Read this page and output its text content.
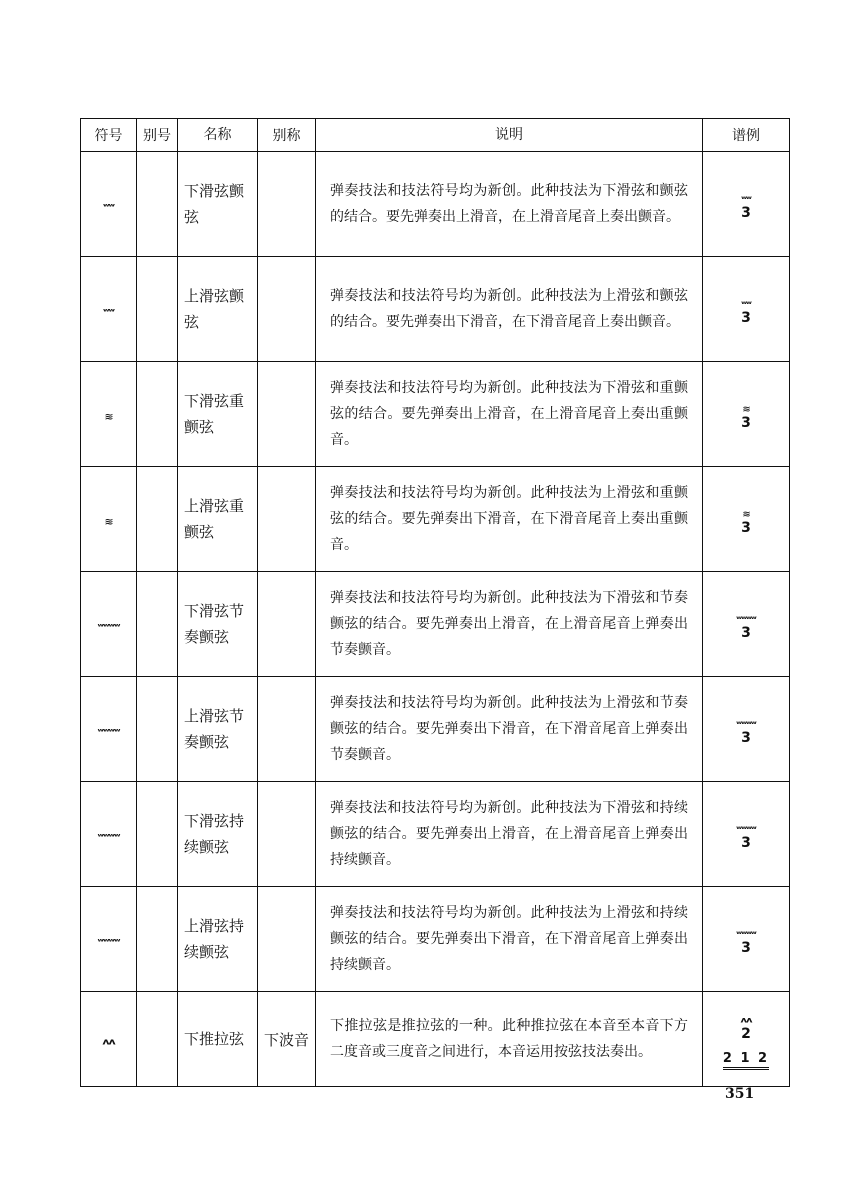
符号	别号	名称	别称	说明	谱例
ʷʷ		下滑弦颤弦		弹奏技法和技法符号均为新创。此种技法为下滑弦和颤弦的结合。要先弹奏出上滑音，在上滑音尾音上奏出颤音。	ʷʷ
3

ʷʷ		上滑弦颤弦		弹奏技法和技法符号均为新创。此种技法为上滑弦和颤弦的结合。要先弹奏出下滑音，在下滑音尾音上奏出颤音。	ʷʷ
3

≋		下滑弦重颤弦		弹奏技法和技法符号均为新创。此种技法为下滑弦和重颤弦的结合。要先弹奏出上滑音，在上滑音尾音上奏出重颤音。	≋
3

≋		上滑弦重颤弦		弹奏技法和技法符号均为新创。此种技法为上滑弦和重颤弦的结合。要先弹奏出下滑音，在下滑音尾音上奏出重颤音。	≋
3

ʷʷʷʷ		下滑弦节奏颤弦		弹奏技法和技法符号均为新创。此种技法为下滑弦和节奏颤弦的结合。要先弹奏出上滑音，在上滑音尾音上弹奏出节奏颤音。	ʷʷʷʷ
3

ʷʷʷʷ		上滑弦节奏颤弦		弹奏技法和技法符号均为新创。此种技法为上滑弦和节奏颤弦的结合。要先弹奏出下滑音，在下滑音尾音上弹奏出节奏颤音。	ʷʷʷʷ
3

ʷʷʷʷ		下滑弦持续颤弦		弹奏技法和技法符号均为新创。此种技法为下滑弦和持续颤弦的结合。要先弹奏出上滑音，在上滑音尾音上弹奏出持续颤音。	ʷʷʷʷ
3

ʷʷʷʷ		上滑弦持续颤弦		弹奏技法和技法符号均为新创。此种技法为上滑弦和持续颤弦的结合。要先弹奏出下滑音，在下滑音尾音上弹奏出持续颤音。	ʷʷʷʷ
3

ʌʌ		下推拉弦	下波音	下推拉弦是推拉弦的一种。此种推拉弦在本音至本音下方二度音或三度音之间进行，本音运用按弦技法奏出。	ʌʌ
2
2 1 2
351
